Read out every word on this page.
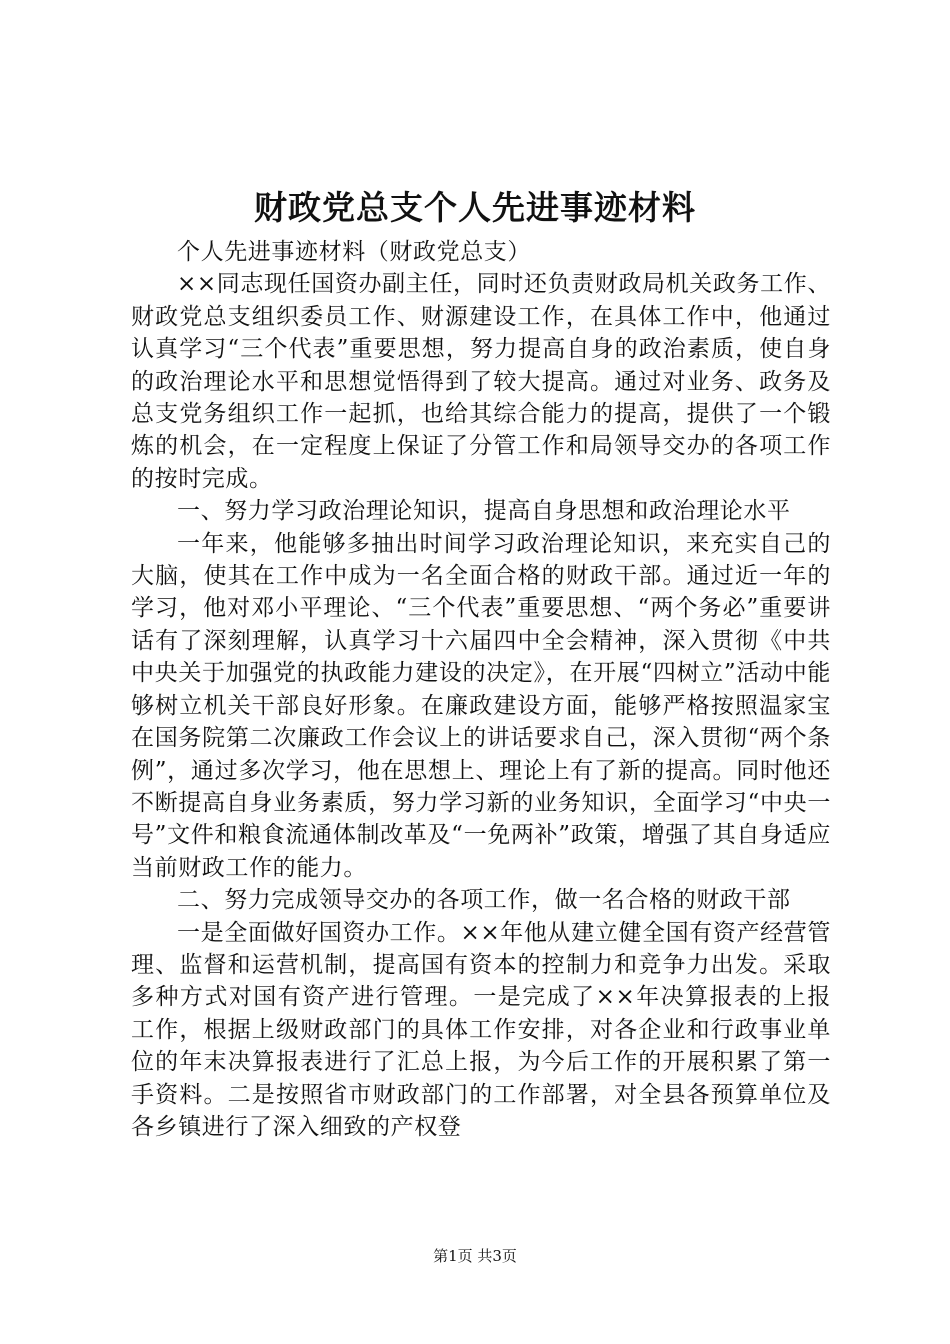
财政党总支个人先进事迹材料

个人先进事迹材料（财政党总支）

××同志现任国资办副主任，同时还负责财政局机关政务工作、财政党总支组织委员工作、财源建设工作，在具体工作中，他通过认真学习“三个代表”重要思想，努力提高自身的政治素质，使自身的政治理论水平和思想觉悟得到了较大提高。通过对业务、政务及总支党务组织工作一起抓，也给其综合能力的提高，提供了一个锻炼的机会，在一定程度上保证了分管工作和局领导交办的各项工作的按时完成。

一、努力学习政治理论知识，提高自身思想和政治理论水平

一年来，他能够多抽出时间学习政治理论知识，来充实自己的大脑，使其在工作中成为一名全面合格的财政干部。通过近一年的学习，他对邓小平理论、“三个代表”重要思想、“两个务必”重要讲话有了深刻理解，认真学习十六届四中全会精神，深入贯彻《中共中央关于加强党的执政能力建设的决定》，在开展“四树立”活动中能够树立机关干部良好形象。在廉政建设方面，能够严格按照温家宝在国务院第二次廉政工作会议上的讲话要求自己，深入贯彻“两个条例”，通过多次学习，他在思想上、理论上有了新的提高。同时他还不断提高自身业务素质，努力学习新的业务知识，全面学习“中央一号”文件和粮食流通体制改革及“一免两补”政策，增强了其自身适应当前财政工作的能力。

二、努力完成领导交办的各项工作，做一名合格的财政干部

一是全面做好国资办工作。××年他从建立健全国有资产经营管理、监督和运营机制，提高国有资本的控制力和竞争力出发。采取多种方式对国有资产进行管理。一是完成了××年决算报表的上报工作，根据上级财政部门的具体工作安排，对各企业和行政事业单位的年末决算报表进行了汇总上报，为今后工作的开展积累了第一手资料。二是按照省市财政部门的工作部署，对全县各预算单位及各乡镇进行了深入细致的产权登

第1页 共3页
